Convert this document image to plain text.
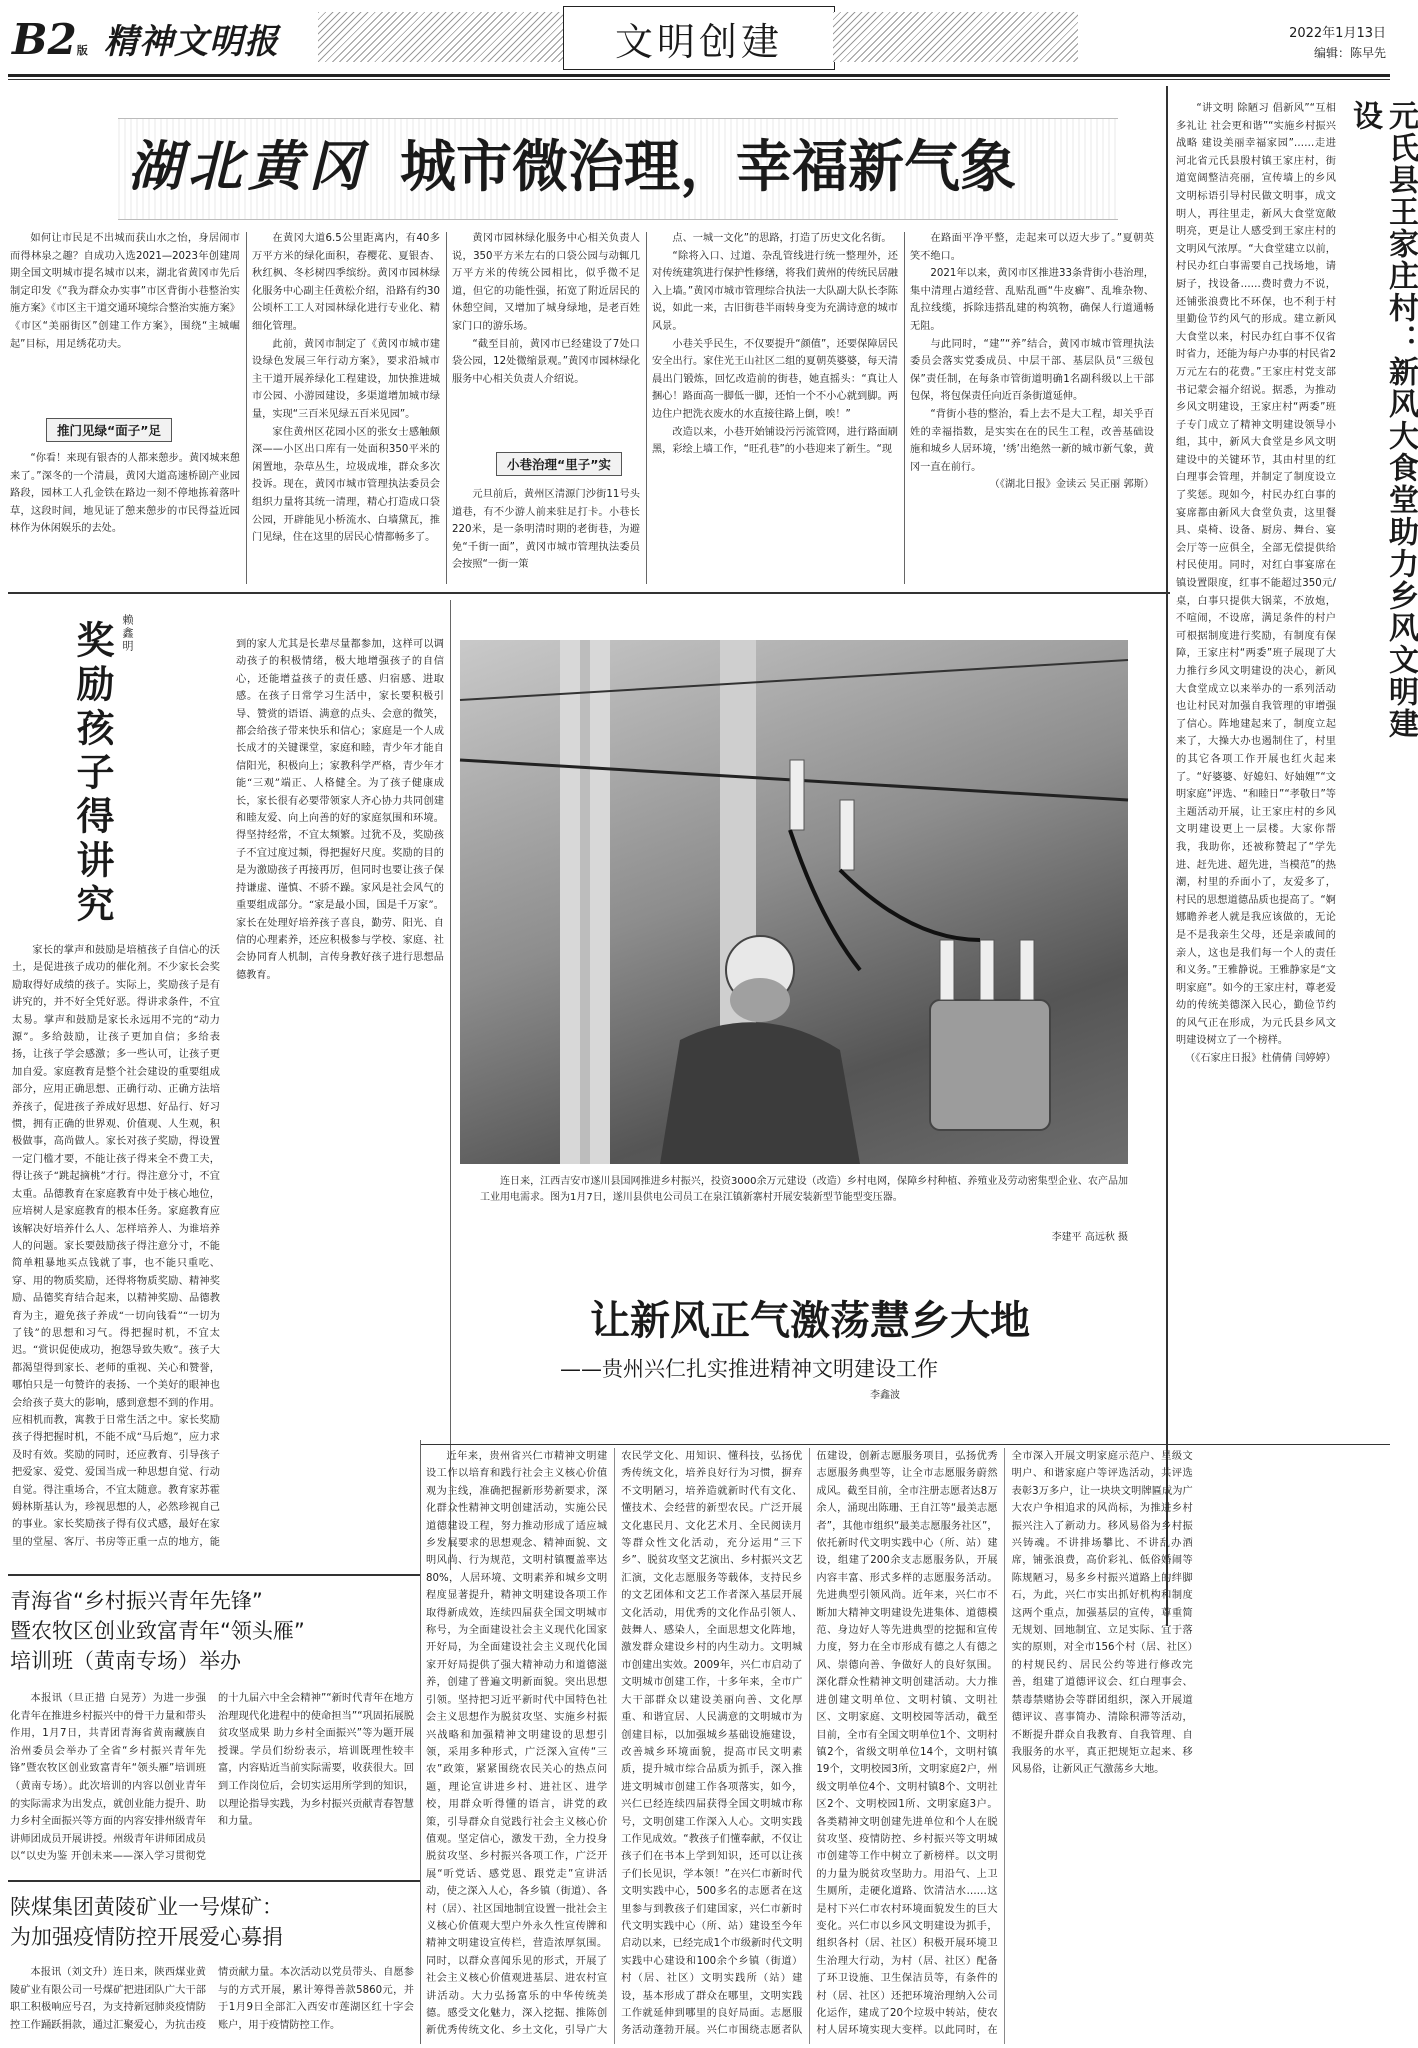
B2版 精神文明报	文明创建	2022年1月13日
编辑：陈早先
湖北黄冈 城市微治理，幸福新气象

如何让市民足不出城而获山水之怡，身居闹市而得林泉之趣？自成功入选2021—2023年创建周期全国文明城市提名城市以来，湖北省黄冈市先后制定印发《“我为群众办实事”市区背街小巷整治实施方案》《市区主干道交通环境综合整治实施方案》《市区“美丽街区”创建工作方案》，围绕“主城崛起”目标，用足绣花功夫。

推门见绿“面子”足

“你看！来现有银杏的人都来憩步。黄冈城来憩来了。”深冬的一个清晨，黄冈大道高速桥剧产业园路段，园林工人孔金铁在路边一刻不停地拣着落叶草，这段时间，地见证了憩来憩步的市民得益近园林作为休闲娱乐的去处。

在黄冈大道6.5公里距离内，有40多万平方米的绿化面积，春樱花、夏银杏、秋红枫、冬杉树四季缤纷。黄冈市园林绿化服务中心副主任黄松介绍，沿路有约30公顷杯工工人对园林绿化进行专业化、精细化管理。

此前，黄冈市制定了《黄冈市城市建设绿色发展三年行动方案》，要求沿城市主干道开展养绿化工程建设，加快推进城市公园、小游园建设，多渠道增加城市绿量，实现“三百米见绿五百米见园”。

家住黄州区花园小区的张女士感触颇深——小区出口库有一处面积350平米的闲置地，杂草丛生，垃圾成堆，群众多次投诉。现在，黄冈市城市管理执法委员会组织力量将其统一清理，精心打造成口袋公园，开辟能见小桥流水、白墙黛瓦，推门见绿，住在这里的居民心情都畅多了。

黄冈市园林绿化服务中心相关负责人说，350平方米左右的口袋公园与动辄几万平方米的传统公园相比，似乎微不足道，但它的功能性强，拓宽了附近居民的休憩空间，又增加了城身绿地，是老百姓家门口的游乐场。

“截至目前，黄冈市已经建设了7处口袋公园，12处微缩景观。”黄冈市园林绿化服务中心相关负责人介绍说。

小巷治理“里子”实

元旦前后，黄州区清源门沙街11号头道巷，有不少游人前来驻足打卡。小巷长220米，是一条明清时期的老街巷，为避免“千街一面”，黄冈市城市管理执法委员会按照“一街一策

点、一城一文化”的思路，打造了历史文化名街。

“除将入口、过道、杂乱管线进行统一整理外，还对传统建筑进行保护性修缮，将我们黄州的传统民居融入上墙。”黄冈市城市管理综合执法一大队副大队长李陈说，如此一来，古旧街巷半雨转身变为充满诗意的城市风景。

小巷关乎民生，不仅要提升“颜值”，还要保障居民安全出行。家住光王山社区二组的夏朝英婆婆，每天清晨出门锻炼，回忆改造前的街巷，她直摇头：“真让人捆心！路面高一脚低一脚，还怕一个不小心就到脚。两边住户把洗衣废水的水直接往路上倒，唉！”

改造以来，小巷开始铺设污污流管网，进行路面刷黑，彩绘上墙工作，“旺孔巷”的小巷迎来了新生。“现

在路面平净平整，走起来可以迈大步了。”夏朝英笑不绝口。

2021年以来，黄冈市区推进33条背街小巷治理，集中清理占道经营、乱贴乱画“牛皮癣”、乱堆杂物、乱拉线缆，拆除违搭乱建的构筑物，确保人行道通畅无阻。

与此同时，“建”“养”结合，黄冈市城市管理执法委员会落实党委成员、中层干部、基层队员“三级包保”责任制，在每条市管街道明确1名副科级以上干部包保，将包保责任向近百条街道延伸。

“背街小巷的整治，看上去不是大工程，却关乎百姓的幸福指数，是实实在在的民生工程，改善基础设施和城乡人居环境，‘绣’出绝然一新的城市新气象，黄冈一直在前行。

（《湖北日报》金读云 吴正丽 郭斯）	元氏县王家庄村：新风大食堂助力乡风文明建设

“讲文明 除陋习 倡新风”“互相多礼让 社会更和谐”“实施乡村振兴战略 建设美丽幸福家园”……走进河北省元氏县殷村镇王家庄村，街道宽阔整洁亮丽，宣传墙上的乡风文明标语引导村民做文明事，成文明人，再往里走，新风大食堂宽敞明亮，更是让人感受到王家庄村的文明风气浓厚。“大食堂建立以前，村民办红白事需要自己找场地，请厨子，找设备……费时费力不说，还铺张浪费比不环保，也不利于村里勤俭节约风气的形成。建立新风大食堂以来，村民办红白事不仅省时省力，还能为每户办事的村民省2万元左右的花费。”王家庄村党支部书记蒙会福介绍说。据悉，为推动乡风文明建设，王家庄村“两委”班子专门成立了精神文明建设领导小组，其中，新风大食堂是乡风文明建设中的关键环节，其由村里的红白理事会管理，并制定了制度设立了奖惩。现如今，村民办红白事的宴席都由新风大食堂负责，这里餐具、桌椅、设备、厨房、舞台、宴会厅等一应俱全，全部无偿提供给村民使用。同时，对红白事宴席在镇设置限度，红事不能超过350元/桌，白事只提供大锅菜，不放炮，不喧闹，不设席，满足条件的村户可根据制度进行奖励，有制度有保障，王家庄村“两委”班子展现了大力推行乡风文明建设的决心，新风大食堂成立以来举办的一系列活动也让村民对加强自我管理的审增强了信心。阵地建起来了，制度立起来了，大操大办也遏制住了，村里的其它各项工作开展也红火起来了。“好婆婆、好媳妇、好妯娌”“文明家庭”评选、“和睦日”“孝敬日”等主题活动开展，让王家庄村的乡风文明建设更上一层楼。大家你帮我，我助你，还被称赞起了“学先进、赶先进、超先进，当模范”的热潮，村里的乔面小了，友爱多了，村民的思想道德品质也提高了。“婀娜瞻养老人就是我应该做的，无论是不是我亲生父母，还是亲戚间的亲人，这也是我们每一个人的责任和义务。”王雅静说。王雅静家是“文明家庭”。如今的王家庄村，尊老爱幼的传统美德深入民心，勤俭节约的风气正在形成，为元氏县乡风文明建设树立了一个榜样。

（《石家庄日报》杜倩倩 闫婷婷）

奖励孩子得讲究 赖鑫明

家长的掌声和鼓励是培植孩子自信心的沃土，是促进孩子成功的催化剂。不少家长会奖励取得好成绩的孩子。实际上，奖励孩子是有讲究的，并不好全凭好恶。得讲求条件，不宜太易。掌声和鼓励是家长永远用不完的“动力源”。多给鼓励，让孩子更加自信；多给表扬，让孩子学会感激；多一些认可，让孩子更加自爱。家庭教育是整个社会建设的重要组成部分，应用正确思想、正确行动、正确方法培养孩子，促进孩子养成好思想、好品行、好习惯，拥有正确的世界观、价值观、人生观，积极做事，高尚做人。家长对孩子奖励，得设置一定门槛才要，不能让孩子得来全不费工夫，得让孩子“跳起摘桃”才行。得注意分寸，不宜太重。品德教育在家庭教育中处于核心地位，应培树人是家庭教育的根本任务。家庭教育应该解决好培养什么人、怎样培养人、为谁培养人的问题。家长要鼓励孩子得注意分寸，不能简单粗暴地买点钱就了事，也不能只重吃、穿、用的物质奖励，还得将物质奖励、精神奖励、品德奖育结合起来，以精神奖励、品德教育为主，避免孩子养成“一切向钱看”“一切为了钱”的思想和习气。得把握时机，不宜太迟。“赏识促使成功，抱怨导致失败”。孩子大都渴望得到家长、老师的重视、关心和赞誉，哪怕只是一句赞许的表扬、一个美好的眼神也会给孩子莫大的影响，感到意想不到的作用。应相机而教，寓教于日常生活之中。家长奖励孩子得把握时机，不能不成“马后炮”，应力求及时有效。奖励的同时，还应教育、引导孩子把爱家、爱党、爱国当成一种思想自觉、行动自觉。得注重场合，不宜太随意。教育家苏霍姆林斯基认为，珍视思想的人，必然珍视自己的事业。家长奖励孩子得有仪式感，最好在家里的堂屋、客厅、书房等正重一点的地方，能到的家人尤其是长辈尽量都参加，这样可以调动孩子的积极情绪，极大地增强孩子的自信心，还能增益孩子的责任感、归宿感、进取感。在孩子日常学习生活中，家长要积极引导、赞赏的语语、满意的点头、会意的微笑，都会给孩子带来快乐和信心；家庭是一个人成长成才的关键课堂，家庭和睦，青少年才能自信阳光，积极向上；家教科学严格，青少年才能“三观”端正、人格健全。为了孩子健康成长，家长很有必要带领家人齐心协力共同创建和睦友爱、向上向善的好的家庭氛围和环境。得坚持经常，不宜太频繁。过犹不及，奖励孩子不宜过度过频，得把握好尺度。奖励的目的是为激励孩子再接再厉，但同时也要让孩子保持谦虚、谨慎、不骄不躁。家风是社会风气的重要组成部分。“家是最小国，国是千万家”。家长在处理好培养孩子喜良，勤劳、阳光、自信的心理素养，还应积极参与学校、家庭、社会协同育人机制，言传身教好孩子进行思想品德教育。

连日来，江西吉安市遂川县国网推进乡村振兴，投资3000余万元建设（改造）乡村电网，保障乡村种植、养殖业及劳动密集型企业、农产品加工业用电需求。图为1月7日，遂川县供电公司员工在泉江镇新寨村开展安装新型节能型变压器。

李建平 高远秋 摄
让新风正气激荡慧乡大地
——贵州兴仁扎实推进精神文明建设工作
李鑫波

近年来，贵州省兴仁市精神文明建设工作以培育和践行社会主义核心价值观为主线，准确把握新形势新要求，深化群众性精神文明创建活动，实施公民道德建设工程，努力推动形成了适应城乡发展要求的思想观念、精神面貌、文明风尚、行为规范，文明村镇覆盖率达80%，人居环境、文明素养和城乡文明程度显著提升，精神文明建设各项工作取得新成效，连续四届获全国文明城市称号，为全面建设社会主义现代化国家开好局，为全面建设社会主义现代化国家开好局提供了强大精神动力和道德滋养，创建了普遍文明新面貌。突出思想引领。坚持把习近平新时代中国特色社会主义思想作为脱贫攻坚、实施乡村振兴战略和加强精神文明建设的思想引领，采用多种形式，广泛深入宣传“三农”政策，紧紧围绕农民关心的热点问题，理论宣讲进乡村、进社区、进学校，用群众听得懂的语言，讲党的政策，引导群众自觉践行社会主义核心价值观。坚定信心，激发干劲，全力投身脱贫攻坚、乡村振兴各项工作，广泛开展“听党话、感党恩、跟党走”宣讲活动，使之深入人心，各乡镇（街道）、各村（居）、社区国地制宜设置一批社会主义核心价值观大型户外永久性宣传牌和精神文明建设宣传栏，营造浓厚氛围。同时，以群众喜闻乐见的形式，开展了社会主义核心价值观进基层、进农村宣讲活动。大力弘扬富乐的中华传统美德。感受文化魅力，深入挖掘、推陈创新优秀传统文化、乡土文化，引导广大农民学文化、用知识、懂科技，弘扬优秀传统文化，培养良好行为习惯，摒弃不文明陋习，培养造就新时代有文化、懂技术、会经营的新型农民。广泛开展文化惠民月、文化艺术月、全民阅读月等群众性文化活动，充分运用“三下乡”、脱贫攻坚文艺演出、乡村振兴文艺汇演，文化志愿服务等载体，支持民乡的文艺团体和文艺工作者深入基层开展文化活动，用优秀的文化作品引领人、鼓舞人、感染人，全面思想文化阵地，激发群众建设乡村的内生动力。文明城市创建出实效。2009年，兴仁市启动了文明城市创建工作，十多年来，全市广大干部群众以建设美丽向善、文化厚重、和谐宜居、人民满意的文明城市为创建目标，以加强城乡基础设施建设，改善城乡环境面貌，提高市民文明素质，提升城市综合品质为抓手，深入推进文明城市创建工作各项落实，如今，兴仁已经连续四届获得全国文明城市称号，文明创建工作深入人心。文明实践工作见成效。“教孩子们懂奉献，不仅让孩子们在书本上学到知识，还可以让孩子们长见识，学本领！”在兴仁市新时代文明实践中心，500多名的志愿者在这里参与到教孩子们建国家，兴仁市新时代文明实践中心（所、站）建设至今年启动以来，已经完成1个市级新时代文明实践中心建设和100余个乡镇（街道）村（居、社区）文明实践所（站）建设，基本形成了群众在哪里，文明实践工作就延伸到哪里的良好局面。志愿服务活动蓬勃开展。兴仁市围绕志愿者队伍建设，创新志愿服务项目，弘扬优秀志愿服务典型等，让全市志愿服务蔚然成风。截至目前，全市注册志愿者达8万余人，涌现出陈珊、王自江等“最美志愿者”，其他市组织“最美志愿服务社区”，依托新时代文明实践中心（所、站）建设，组建了200余支志愿服务队，开展内容丰富、形式多样的志愿服务活动。先进典型引领风尚。近年来，兴仁市不断加大精神文明建设先进集体、道德模范、身边好人等先进典型的挖掘和宣传力度，努力在全市形成有德之人有德之风、崇德向善、争做好人的良好氛围。深化群众性精神文明创建活动。大力推进创建文明单位、文明村镇、文明社区、文明家庭、文明校园等活动，截至目前，全市有全国文明单位1个、文明村镇2个，省级文明单位14个，文明村镇19个，文明校园3所，文明家庭2户，州级文明单位4个、文明村镇8个、文明社区2个、文明校园1所、文明家庭3户。各类精神文明创建先进单位和个人在脱贫攻坚、疫情防控、乡村振兴等文明城市创建等工作中树立了新榜样。以文明的力量为脱贫攻坚助力。用沿气、上卫生厕所，走硬化道路、饮清洁水……这是村下兴仁市农村环境面貌发生的巨大变化。兴仁市以乡风文明建设为抓手，组织各村（居、社区）积极开展环境卫生治理大行动，为村（居、社区）配备了环卫设施、卫生保洁员等，有条件的村（居、社区）还把环境治理纳入公司化运作，建成了20个垃圾中转站，使农村人居环境实现大变样。以此同时，在全市深入开展文明家庭示范户、星级文明户、和谐家庭户等评选活动，共评选表彰3万多户，让一块块文明牌匾成为广大农户争相追求的风尚标，为推进乡村振兴注入了新动力。移风易俗为乡村振兴铸魂。不讲排场攀比、不讲乱办酒席，铺张浪费，高价彩礼、低俗婚闹等陈规陋习，易多乡村振兴道路上的绊脚石，为此，兴仁市实出抓好机构和制度这两个重点，加强基层的宣传，尊重简无规划、回地制宜、立足实际、宜于落实的原则，对全市156个村（居、社区）的村规民约、居民公约等进行修改完善，组建了道德评议会、红白理事会、禁毒禁赌协会等群团组织，深入开展道德评议、喜事简办、清除积滞等活动，不断提升群众自我教育、自我管理、自我服务的水平，真正把规矩立起来、移风易俗，让新风正气激荡乡大地。

青海省“乡村振兴青年先锋”
暨农牧区创业致富青年“领头雁”
培训班（黄南专场）举办

本报讯（旦正措 白晃芳）为进一步强化青年在推进乡村振兴中的骨干力量和带头作用，1月7日，共青团青海省黄南藏族自治州委员会举办了全省“乡村振兴青年先锋”暨农牧区创业致富青年“领头雁”培训班（黄南专场）。此次培训的内容以创业青年的实际需求为出发点，就创业能力提升、助力乡村全面振兴等方面的内容安排州级青年讲师团成员开展讲授。州级青年讲师团成员以“以史为鉴 开创未来——深入学习贯彻党的十九届六中全会精神”“新时代青年在地方治理现代化进程中的使命担当”“巩固拓展脱贫攻坚成果 助力乡村全面振兴”等为题开展授课。学员们纷纷表示，培训既理性较丰富，内容贴近当前实际需要，收获很大。回到工作岗位后，会切实运用所学到的知识，以理论指导实践，为乡村振兴贡献青春智慧和力量。

陕煤集团黄陵矿业一号煤矿：
为加强疫情防控开展爱心募捐

本报讯（刘文升）连日来，陕西煤业黄陵矿业有限公司一号煤矿把进团队广大干部职工积极响应号召，为支持新冠肺炎疫情防控工作踊跃捐款，通过汇聚爱心，为抗击疫情贡献力量。本次活动以党员带头、自愿参与的方式开展，累计筹得善款5860元，并于1月9日全部汇入西安市莲湖区红十字会账户，用于疫情防控工作。
